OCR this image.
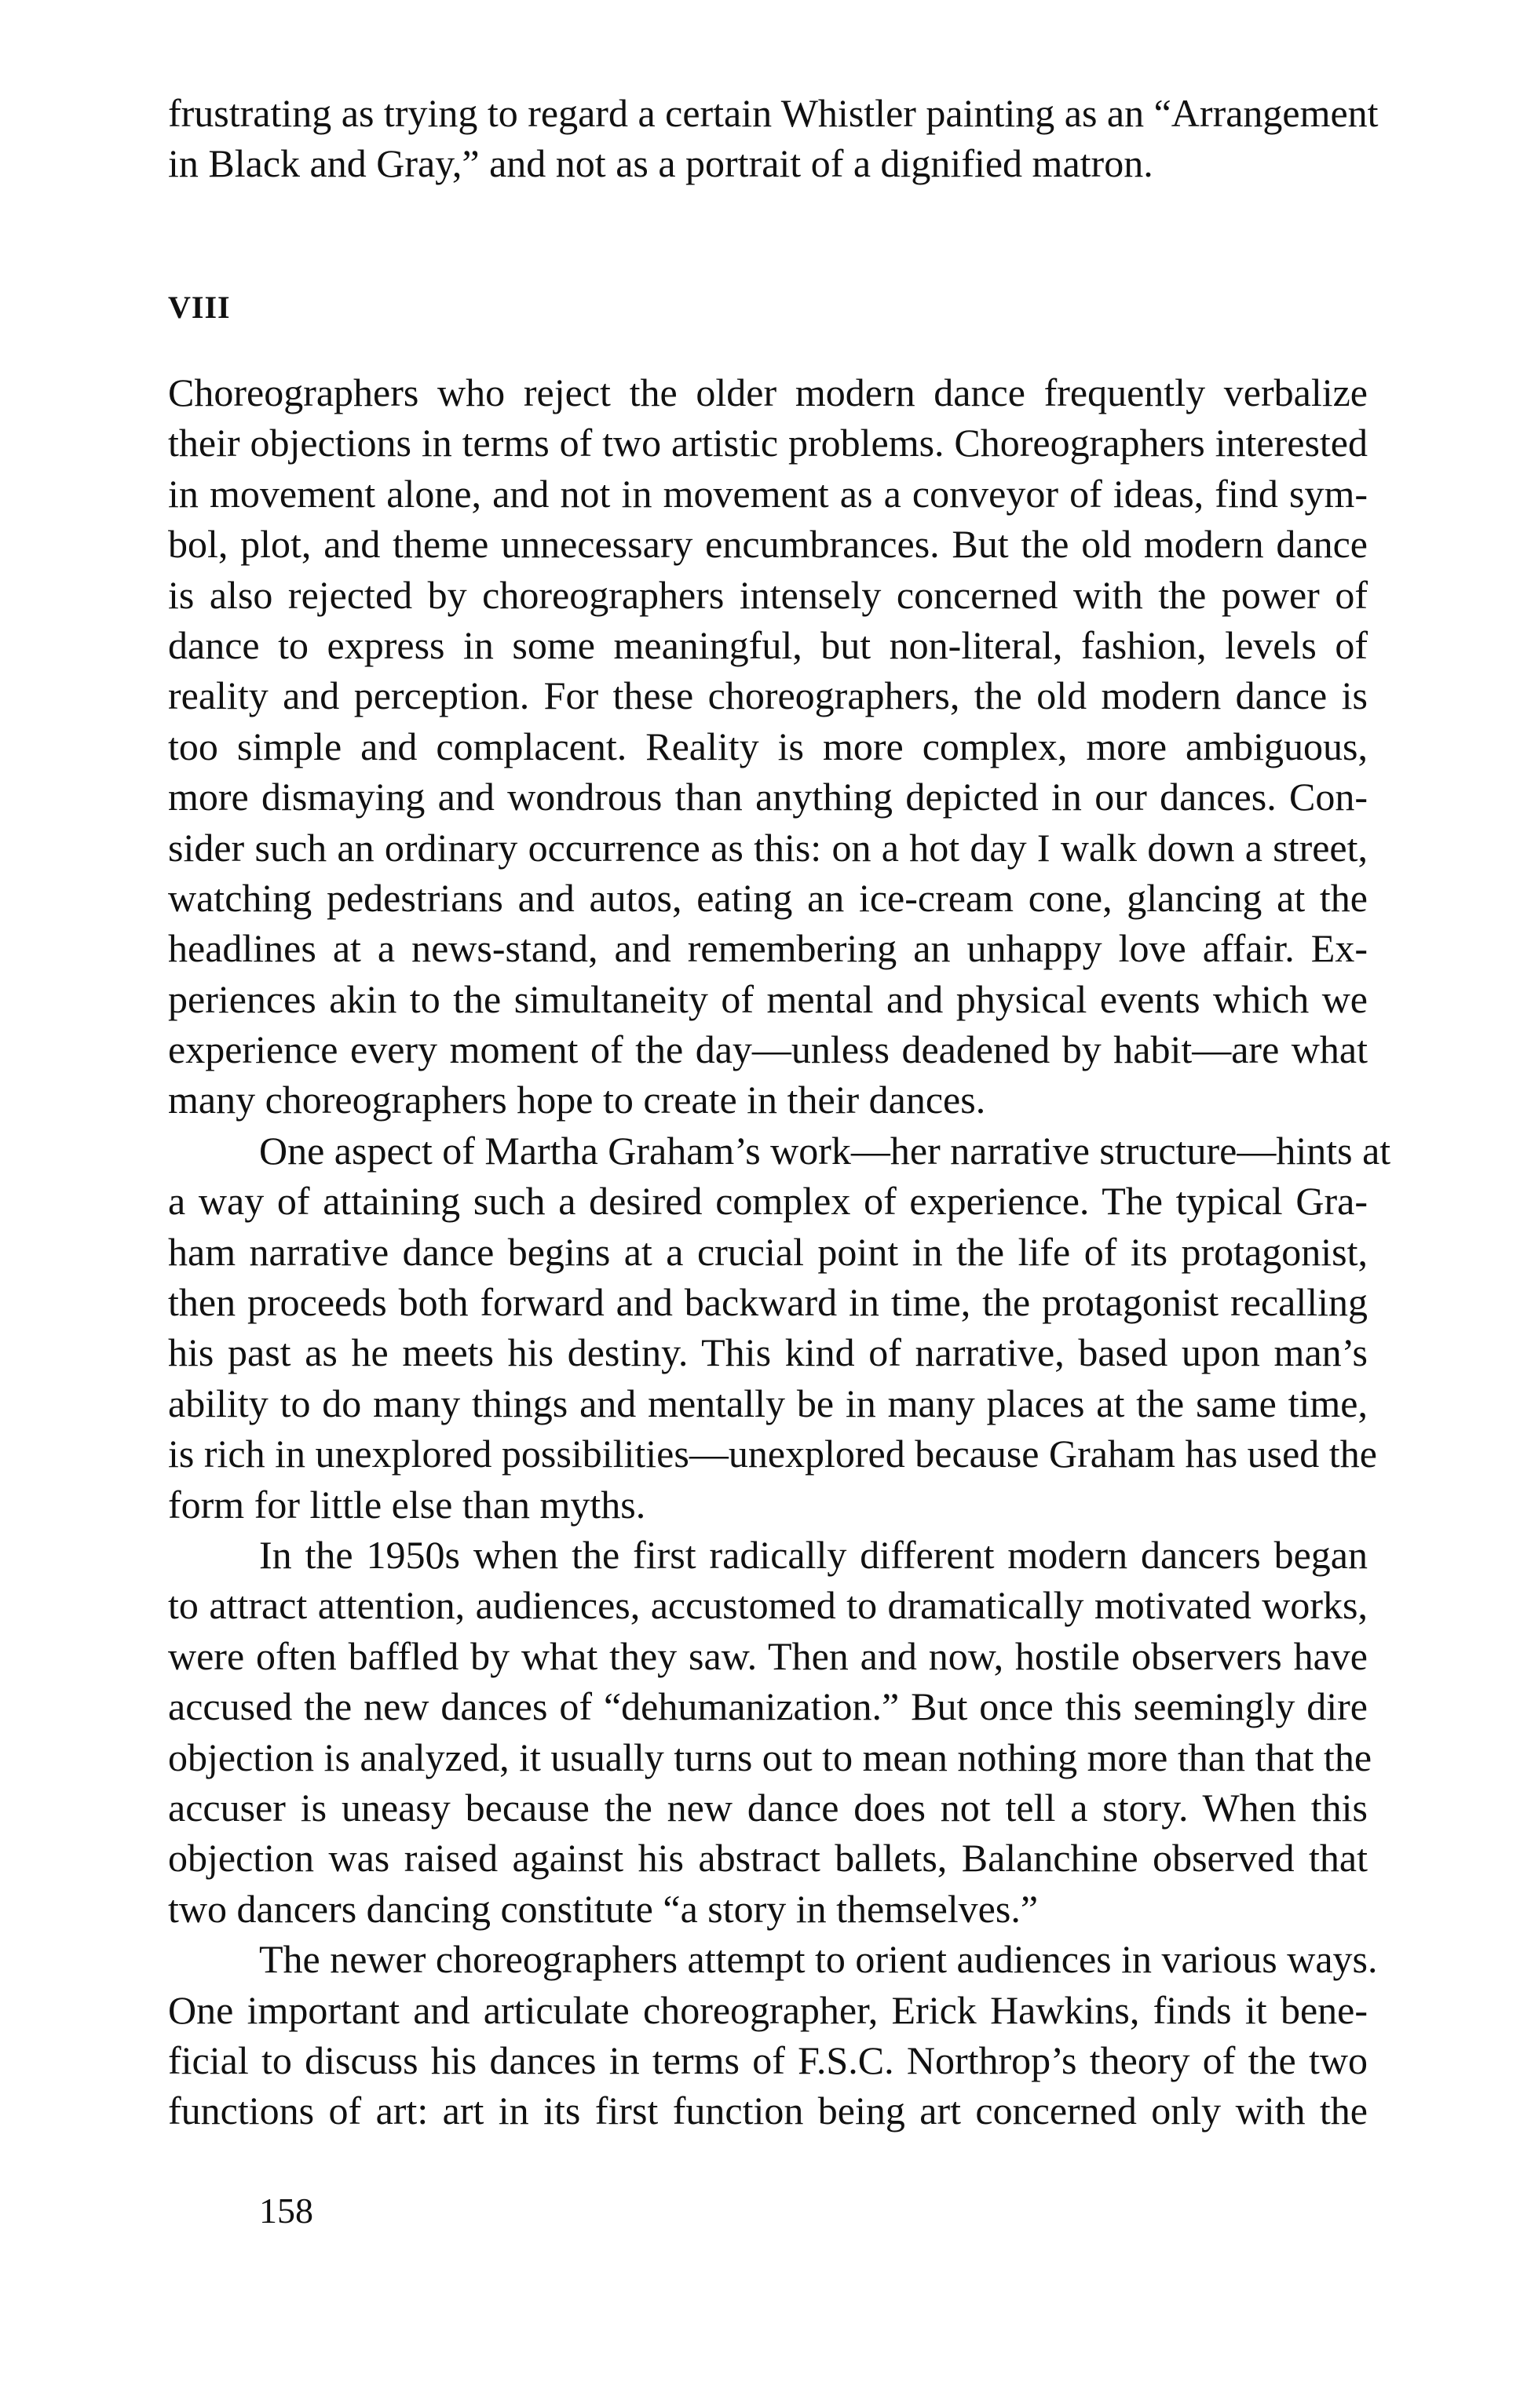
frustrating as trying to regard a certain Whistler painting as an “Arrangement
in Black and Gray,” and not as a portrait of a dignified matron.
VIII
Choreographers who reject the older modern dance frequently verbalize
their objections in terms of two artistic problems. Choreographers interested
in movement alone, and not in movement as a conveyor of ideas, find sym-
bol, plot, and theme unnecessary encumbrances. But the old modern dance
is also rejected by choreographers intensely concerned with the power of
dance to express in some meaningful, but non-literal, fashion, levels of
reality and perception. For these choreographers, the old modern dance is
too simple and complacent. Reality is more complex, more ambiguous,
more dismaying and wondrous than anything depicted in our dances. Con-
sider such an ordinary occurrence as this: on a hot day I walk down a street,
watching pedestrians and autos, eating an ice-cream cone, glancing at the
headlines at a news-stand, and remembering an unhappy love affair. Ex-
periences akin to the simultaneity of mental and physical events which we
experience every moment of the day—unless deadened by habit—are what
many choreographers hope to create in their dances.
One aspect of Martha Graham’s work—her narrative structure—hints at
a way of attaining such a desired complex of experience. The typical Gra-
ham narrative dance begins at a crucial point in the life of its protagonist,
then proceeds both forward and backward in time, the protagonist recalling
his past as he meets his destiny. This kind of narrative, based upon man’s
ability to do many things and mentally be in many places at the same time,
is rich in unexplored possibilities—unexplored because Graham has used the
form for little else than myths.
In the 1950s when the first radically different modern dancers began
to attract attention, audiences, accustomed to dramatically motivated works,
were often baffled by what they saw. Then and now, hostile observers have
accused the new dances of “dehumanization.” But once this seemingly dire
objection is analyzed, it usually turns out to mean nothing more than that the
accuser is uneasy because the new dance does not tell a story. When this
objection was raised against his abstract ballets, Balanchine observed that
two dancers dancing constitute “a story in themselves.”
The newer choreographers attempt to orient audiences in various ways.
One important and articulate choreographer, Erick Hawkins, finds it bene-
ficial to discuss his dances in terms of F.S.C. Northrop’s theory of the two
functions of art: art in its first function being art concerned only with the
158
